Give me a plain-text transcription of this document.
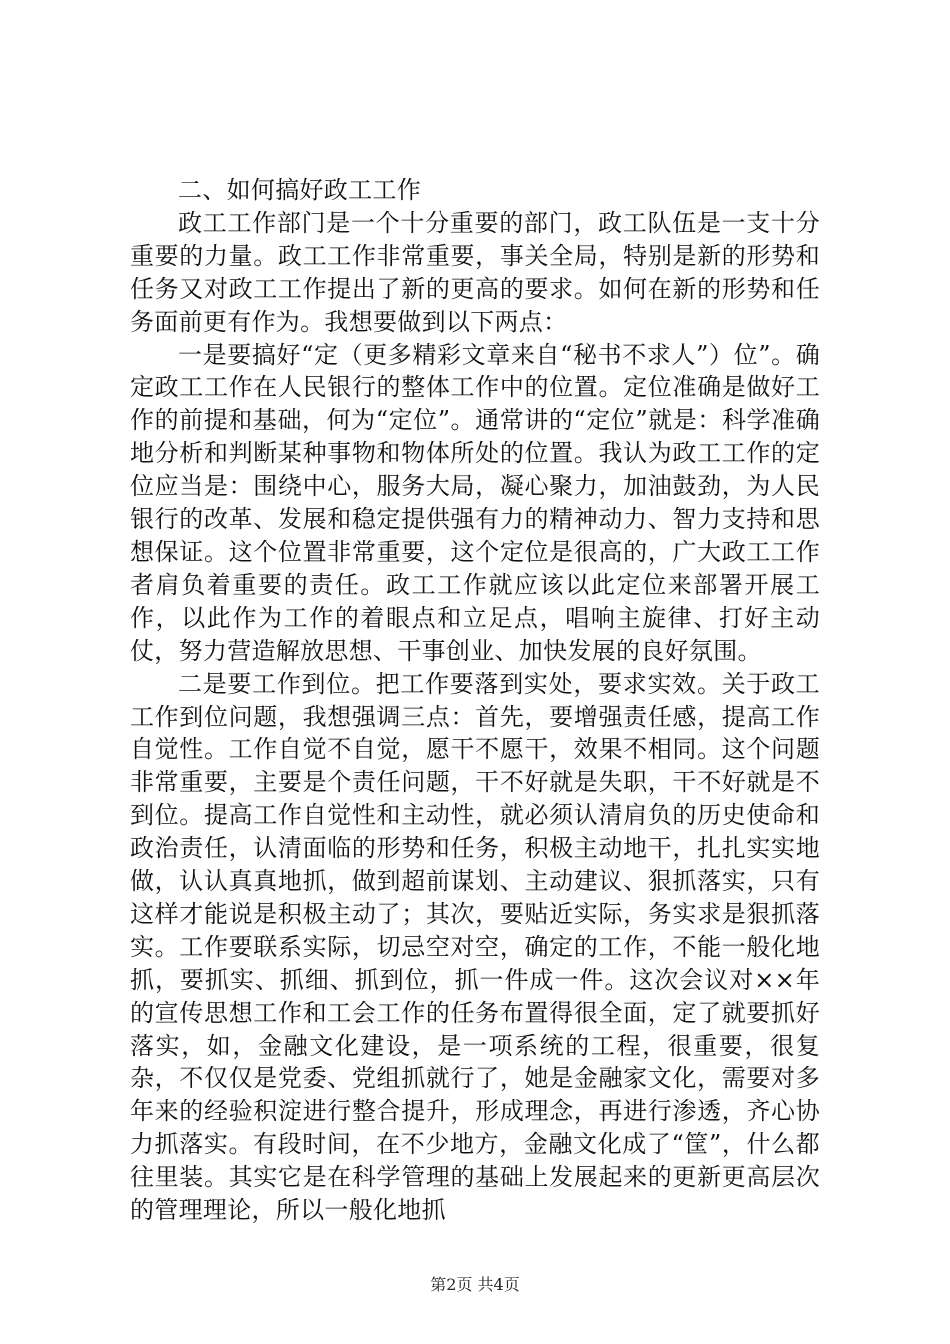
二、如何搞好政工工作

政工工作部门是一个十分重要的部门，政工队伍是一支十分重要的力量。政工工作非常重要，事关全局，特别是新的形势和任务又对政工工作提出了新的更高的要求。如何在新的形势和任务面前更有作为。我想要做到以下两点：

一是要搞好“定（更多精彩文章来自“秘书不求人”）位”。确定政工工作在人民银行的整体工作中的位置。定位准确是做好工作的前提和基础，何为“定位”。通常讲的“定位”就是：科学准确地分析和判断某种事物和物体所处的位置。我认为政工工作的定位应当是：围绕中心，服务大局，凝心聚力，加油鼓劲，为人民银行的改革、发展和稳定提供强有力的精神动力、智力支持和思想保证。这个位置非常重要，这个定位是很高的，广大政工工作者肩负着重要的责任。政工工作就应该以此定位来部署开展工作，以此作为工作的着眼点和立足点，唱响主旋律、打好主动仗，努力营造解放思想、干事创业、加快发展的良好氛围。

二是要工作到位。把工作要落到实处，要求实效。关于政工工作到位问题，我想强调三点：首先，要增强责任感，提高工作自觉性。工作自觉不自觉，愿干不愿干，效果不相同。这个问题非常重要，主要是个责任问题，干不好就是失职，干不好就是不到位。提高工作自觉性和主动性，就必须认清肩负的历史使命和政治责任，认清面临的形势和任务，积极主动地干，扎扎实实地做，认认真真地抓，做到超前谋划、主动建议、狠抓落实，只有这样才能说是积极主动了；其次，要贴近实际，务实求是狠抓落实。工作要联系实际，切忌空对空，确定的工作，不能一般化地抓，要抓实、抓细、抓到位，抓一件成一件。这次会议对××年的宣传思想工作和工会工作的任务布置得很全面，定了就要抓好落实，如，金融文化建设，是一项系统的工程，很重要，很复杂，不仅仅是党委、党组抓就行了，她是金融家文化，需要对多年来的经验积淀进行整合提升，形成理念，再进行渗透，齐心协力抓落实。有段时间，在不少地方，金融文化成了“筐”，什么都往里装。其实它是在科学管理的基础上发展起来的更新更高层次的管理理论，所以一般化地抓

第2页 共4页
